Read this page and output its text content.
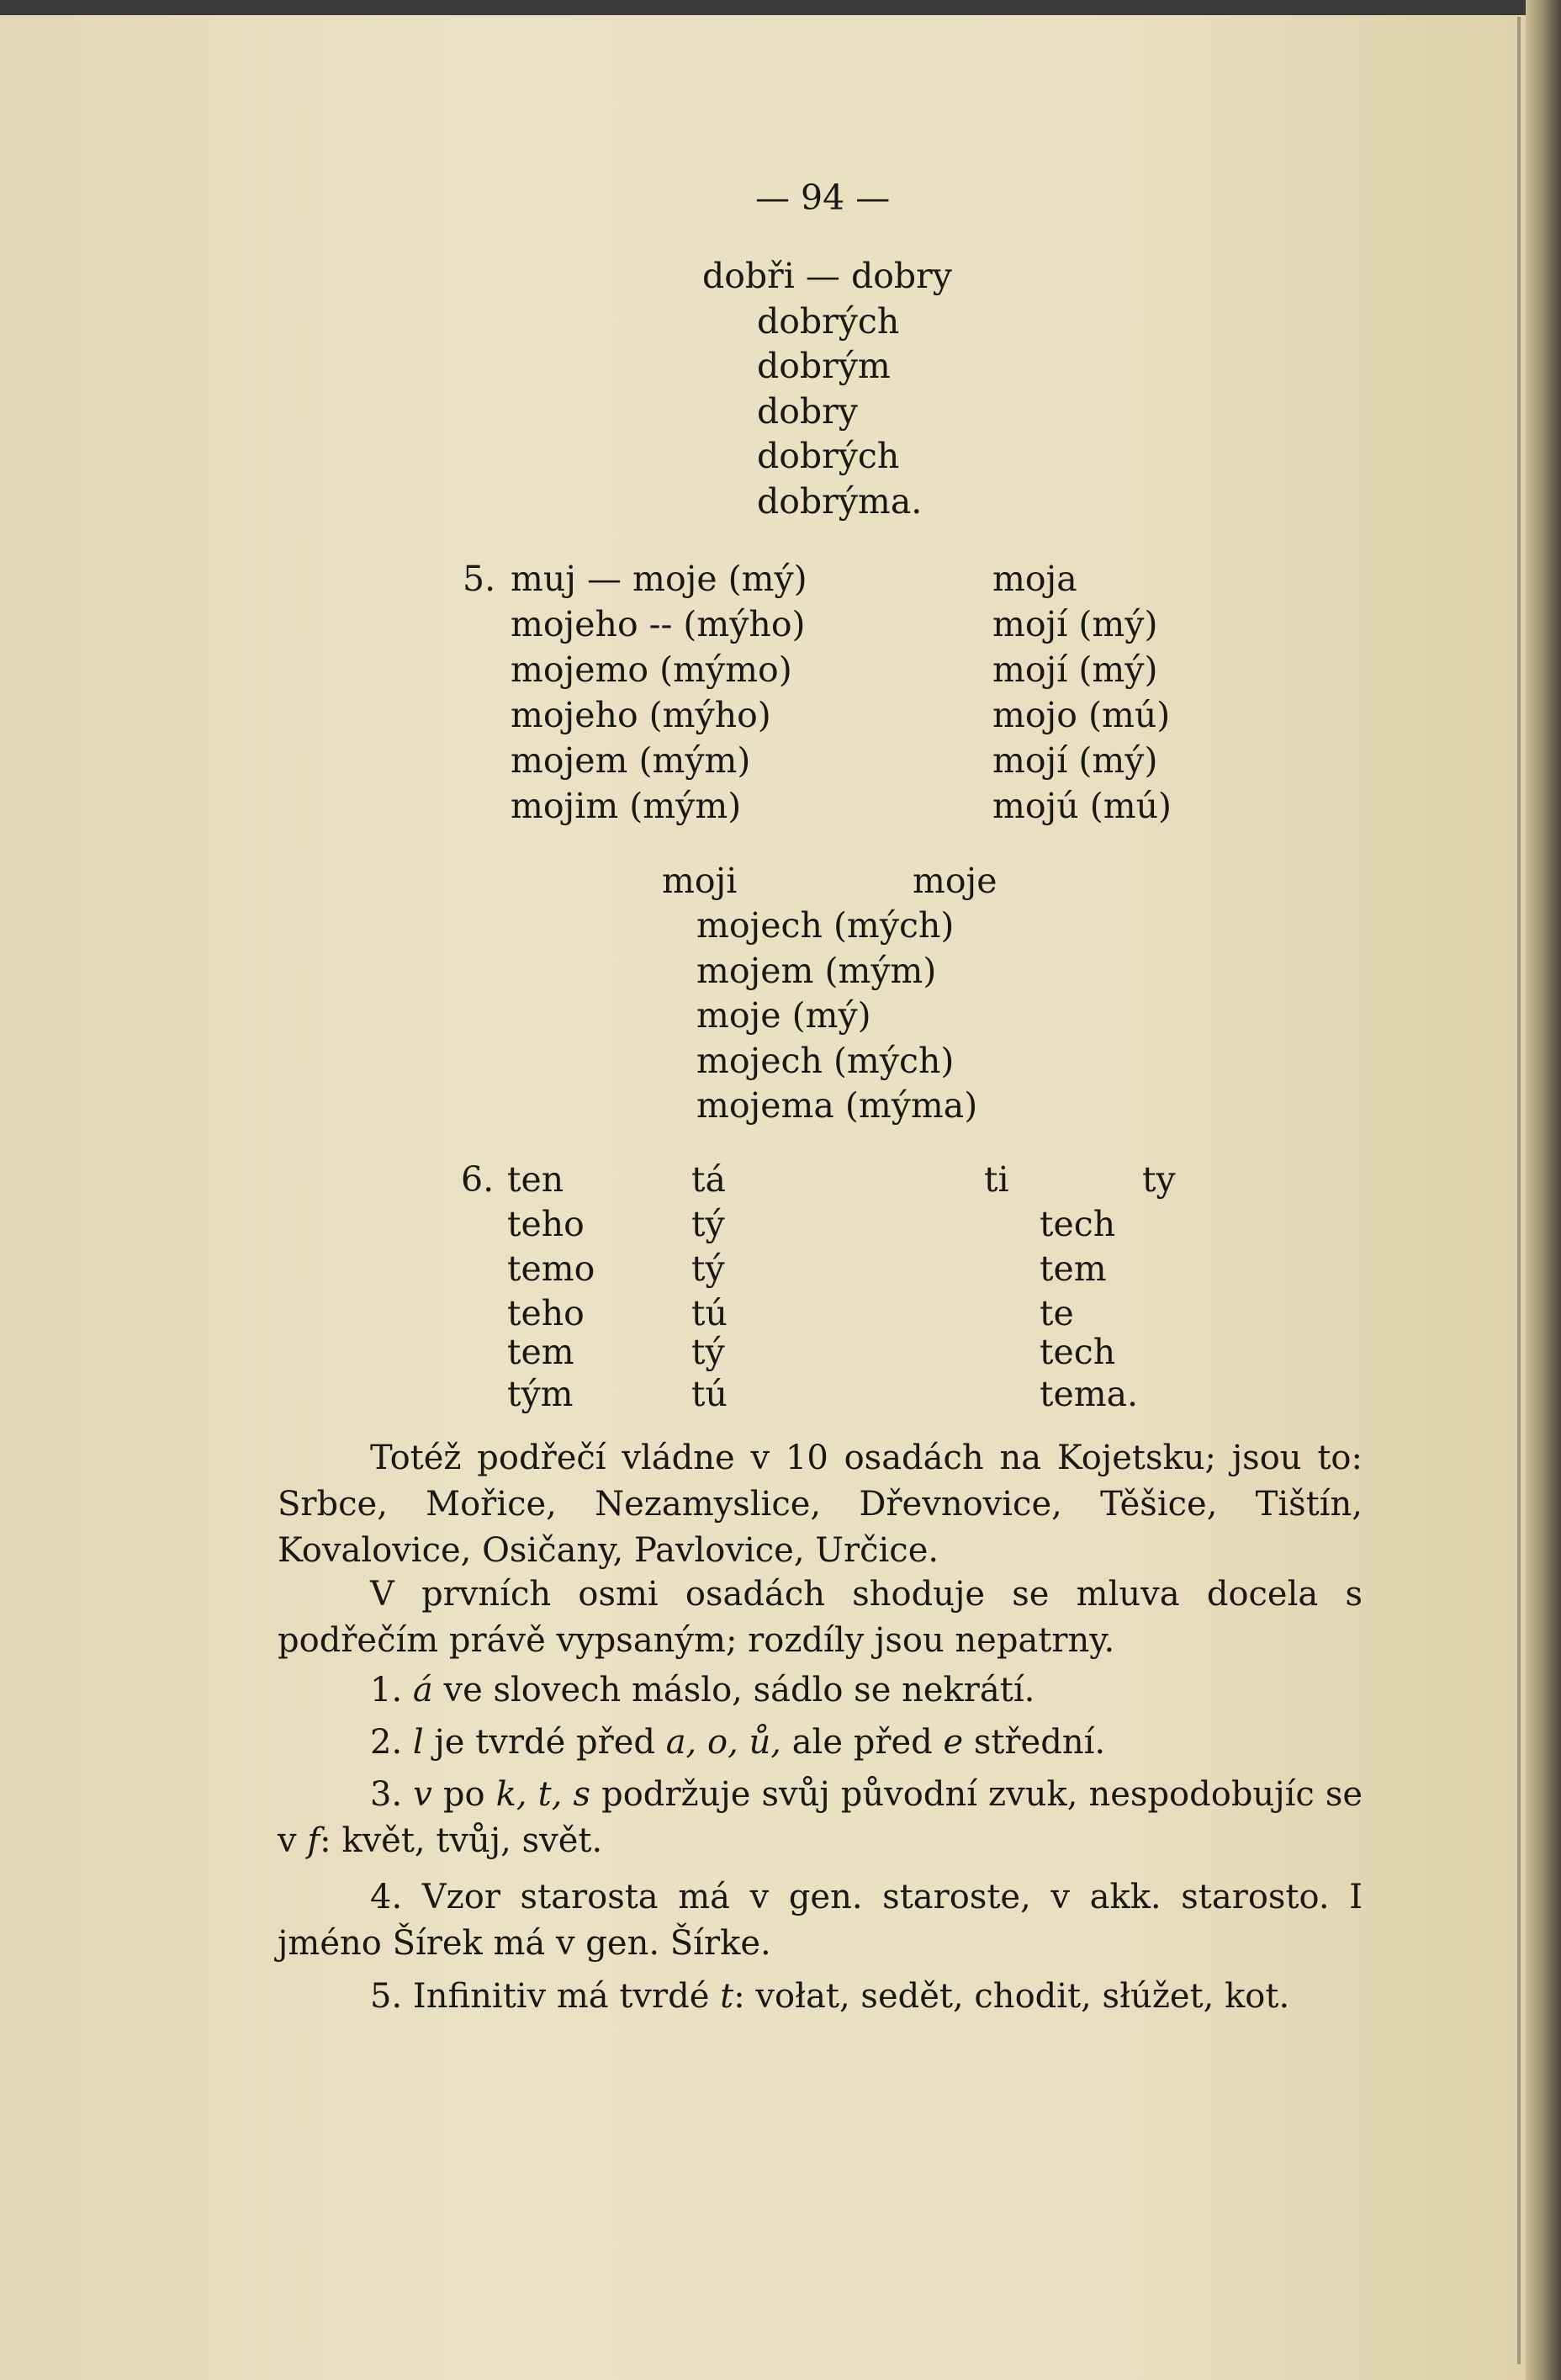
— 94 —
dobři — dobry
dobrých
dobrým
dobry
dobrých
dobrýma.
5. muj — moje (mý)
mojeho -- (mýho)
mojemo (mýmo)
mojeho (mýho)
mojem (mým)
mojim (mým)
moja
mojí (mý)
mojí (mý)
mojo (mú)
mojí (mý)
mojú (mú)
moji	moje
mojech (mých)
mojem (mým)
moje (mý)
mojech (mých)
mojema (mýma)
6. ten
teho
temo
teho
tem
tým
tá
tý
tý
tú
tý
tú
ti	ty
tech
tem
te
tech
tema.
Totéž podřečí vládne v 10 osadách na Kojetsku; jsou to: Srbce, Mořice, Nezamyslice, Dřevnovice, Těšice, Tištín, Kovalovice, Osičany, Pavlovice, Určice.
V prvních osmi osadách shoduje se mluva docela s podřečím právě vypsaným; rozdíly jsou nepatrny.
1. á ve slovech máslo, sádlo se nekrátí.
2. l je tvrdé před a, o, ů, ale před e střední.
3. v po k, t, s podržuje svůj původní zvuk, nespodobujíc se v f: květ, tvůj, svět.
4. Vzor starosta má v gen. staroste, v akk. starosto. I jméno Šírek má v gen. Šírke.
5. Infinitiv má tvrdé t: vołat, sedět, chodit, słúžet, kot.
